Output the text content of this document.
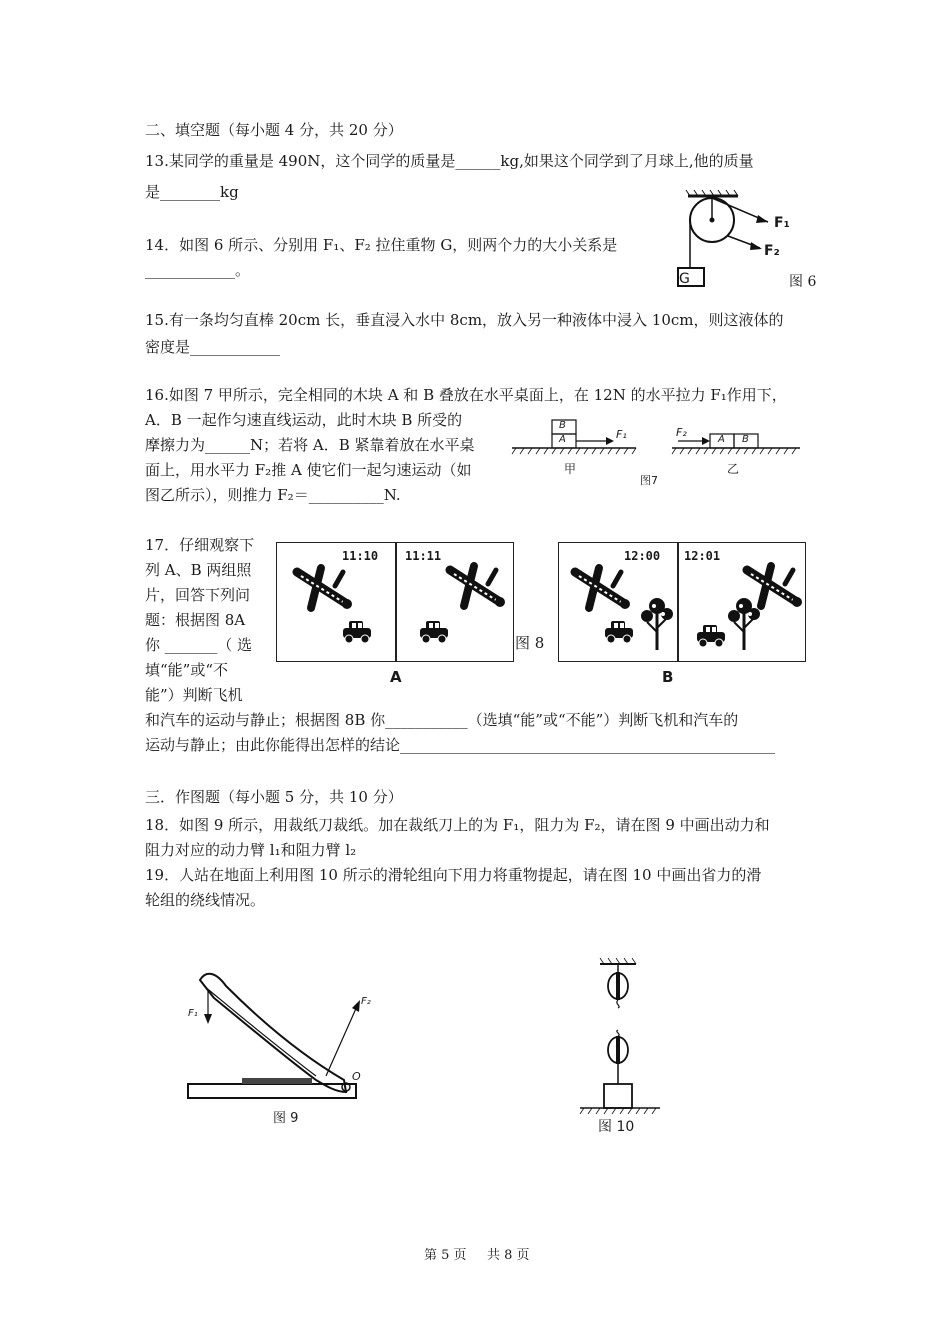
二、填空题（每小题 4 分，共 20 分）
13.某同学的重量是 490N，这个同学的质量是______kg,如果这个同学到了月球上,他的质量
是________kg
14．如图 6 所示、分别用 F₁、F₂ 拉住重物 G，则两个力的大小关系是
____________。	G
F₁
F₂
图 6
15.有一条均匀直棒 20cm 长，垂直浸入水中 8cm，放入另一种液体中浸入 10cm，则这液体的
密度是____________
16.如图 7 甲所示，完全相同的木块 A 和 B 叠放在水平桌面上，在 12N 的水平拉力 F₁作用下，
A．B 一起作匀速直线运动，此时木块 B 所受的
摩擦力为______N；若将 A．B 紧靠着放在水平桌
面上，用水平力 F₂推 A 使它们一起匀速运动（如
图乙所示），则推力 F₂＝__________N.
B
A	F₁	A B
F₂
甲
图7
乙
17．仔细观察下
列 A、B 两组照
片，回答下列问
题：根据图 8A
你 _______（ 选
填“能”或“不
能”）判断飞机
和汽车的运动与静止；根据图 8B 你___________（选填“能”或“不能”）判断飞机和汽车的
运动与静止；由此你能得出怎样的结论__________________________________________________
11:10 11:11	12:00 12:01
图 8
A	B
三．作图题（每小题 5 分，共 10 分）
18．如图 9 所示，用裁纸刀裁纸。加在裁纸刀上的为 F₁，阻力为 F₂，请在图 9 中画出动力和
阻力对应的动力臂 l₁和阻力臂 l₂
19．人站在地面上利用图 10 所示的滑轮组向下用力将重物提起，请在图 10 中画出省力的滑
轮组的绕线情况。
F₁
F₂
O
图 9
图 10
第 5 页 共 8 页
